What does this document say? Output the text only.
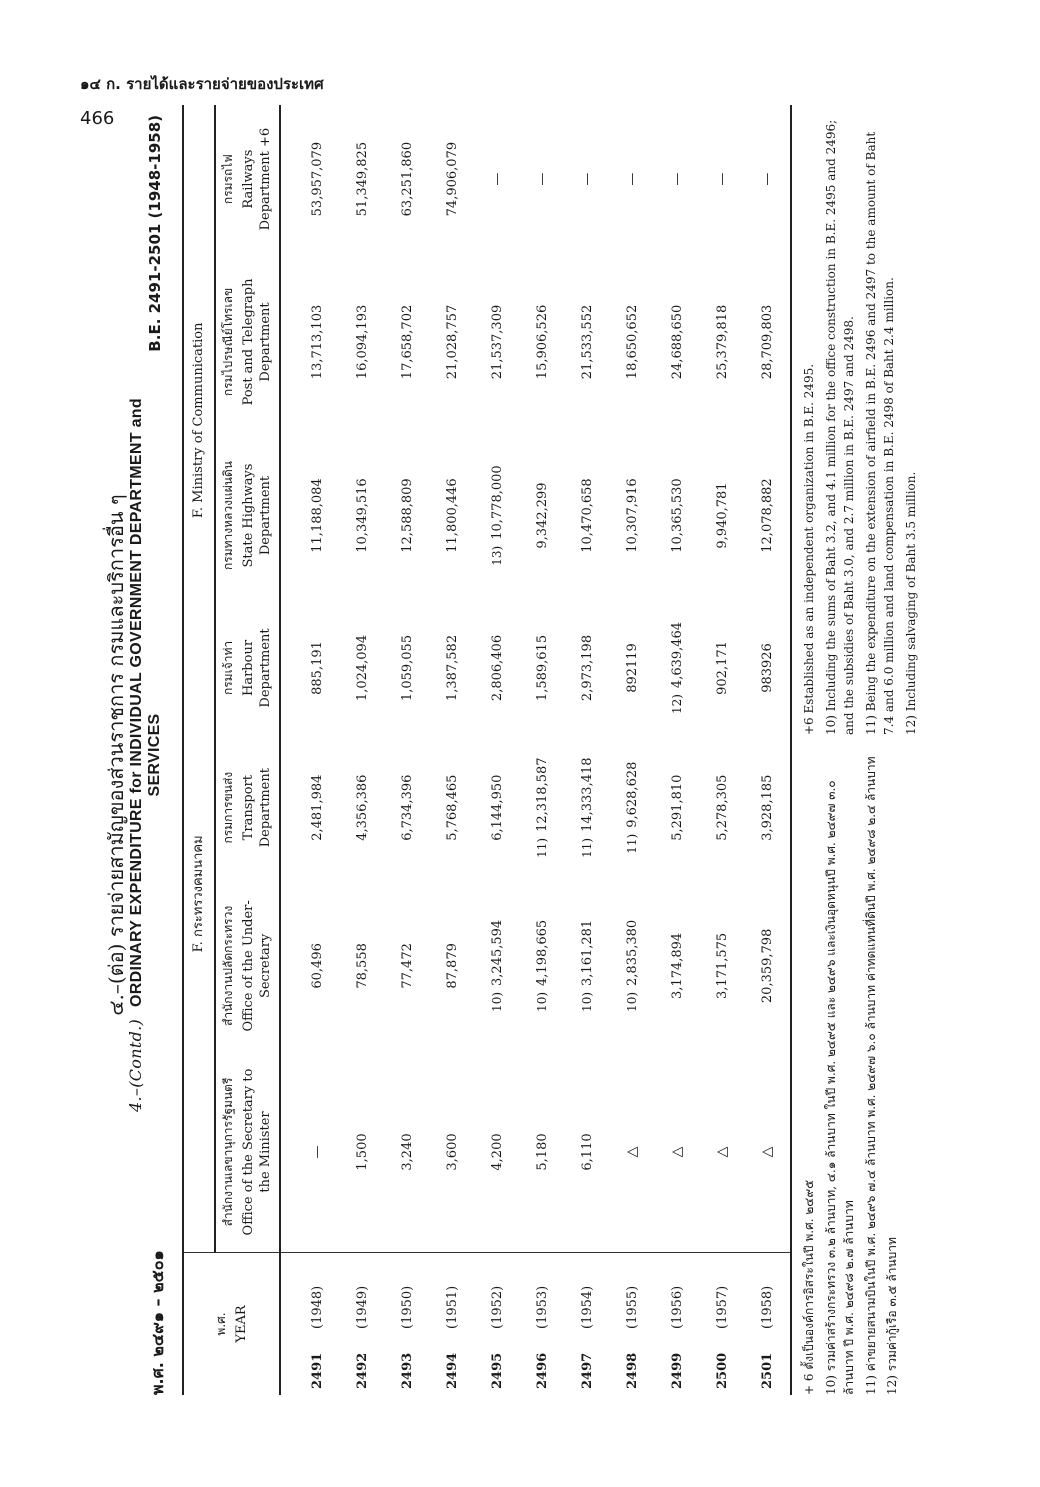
๑๔ ก. รายได้และรายจ่ายของประเทศ
466
๔.–(ต่อ) รายจ่ายสามัญของส่วนราชการ กรมและบริการอื่น ๆ
4.–(Contd.)ORDINARY EXPENDITURE for INDIVIDUAL GOVERNMENT DEPARTMENT and SERVICES
พ.ศ. ๒๔๙๑ – ๒๕๐๑
B.E. 2491-2501 (1948-1958)
พ.ศ. YEAR			F. กระทรวงคมนาคม		F. Ministry of Communication			

		สำนักงานเลขานุการรัฐมนตรี Office of the Secretary to the Minister	สำนักงานปลัดกระทรวง Office of the Under-Secretary	กรมการขนส่ง Transport Department	กรมเจ้าท่า Harbour Department	กรมทางหลวงแผ่นดิน State Highways Department	กรมไปรษณีย์โทรเลข Post and Telegraph Department	กรมรถไฟ Railways Department +6
2491	(1948)	—	60,496	2,481,984	885,191	11,188,084	13,713,103	53,957,079
2492	(1949)	1,500	78,558	4,356,386	1,024,094	10,349,516	16,094,193	51,349,825
2493	(1950)	3,240	77,472	6,734,396	1,059,055	12,588,809	17,658,702	63,251,860
2494	(1951)	3,600	87,879	5,768,465	1,387,582	11,800,446	21,028,757	74,906,079
2495	(1952)	4,200	10)3,245,594	6,144,950	2,806,406	13)10,778,000	21,537,309	—
2496	(1953)	5,180	10)4,198,665	11)12,318,587	1,589,615	9,342,299	15,906,526	—
2497	(1954)	6,110	10)3,161,281	11)14,333,418	2,973,198	10,470,658	21,533,552	—
2498	(1955)	△	10)2,835,380	11)9,628,628	892119	10,307,916	18,650,652	—
2499	(1956)	△	3,174,894	5,291,810	12)4,639,464	10,365,530	24,688,650	—
2500	(1957)	△	3,171,575	5,278,305	902,171	9,940,781	25,379,818	—
2501	(1958)	△	20,359,798	3,928,185	983926	12,078,882	28,709,803	—

+ 6 ตั้งเป็นองค์การอิสระในปี พ.ศ. ๒๔๙๕ 10) รวมค่าสร้างกระทรวง ๓.๒ ล้านบาท, ๔.๑ ล้านบาท ในปี พ.ศ. ๒๔๙๕ และ ๒๔๙๖ และเงินอุดหนุนปี พ.ศ. ๒๔๙๗ ๓.๐ ล้านบาท ปี พ.ศ. ๒๔๙๘ ๒.๗ ล้านบาท 11) ค่าขยายสนามบินในปี พ.ศ. ๒๔๙๖ ๗.๔ ล้านบาท พ.ศ. ๒๔๙๗ ๖.๐ ล้านบาท ค่าทดแทนที่ดินปี พ.ศ. ๒๔๙๘ ๒.๔ ล้านบาท 12) รวมค่ากู้เรือ ๓.๕ ล้านบาท

+6 Established as an independent organization in B.E. 2495. 10) Including the sums of Baht 3.2, and 4.1 million for the office construction in B.E. 2495 and 2496; and the subsidies of Baht 3.0, and 2.7 million in B.E. 2497 and 2498. 11) Being the expenditure on the extension of airfield in B.E. 2496 and 2497 to the amount of Baht 7.4 and 6.0 million and land compensation in B.E. 2498 of Baht 2.4 million. 12) Including salvaging of Baht 3.5 million.
